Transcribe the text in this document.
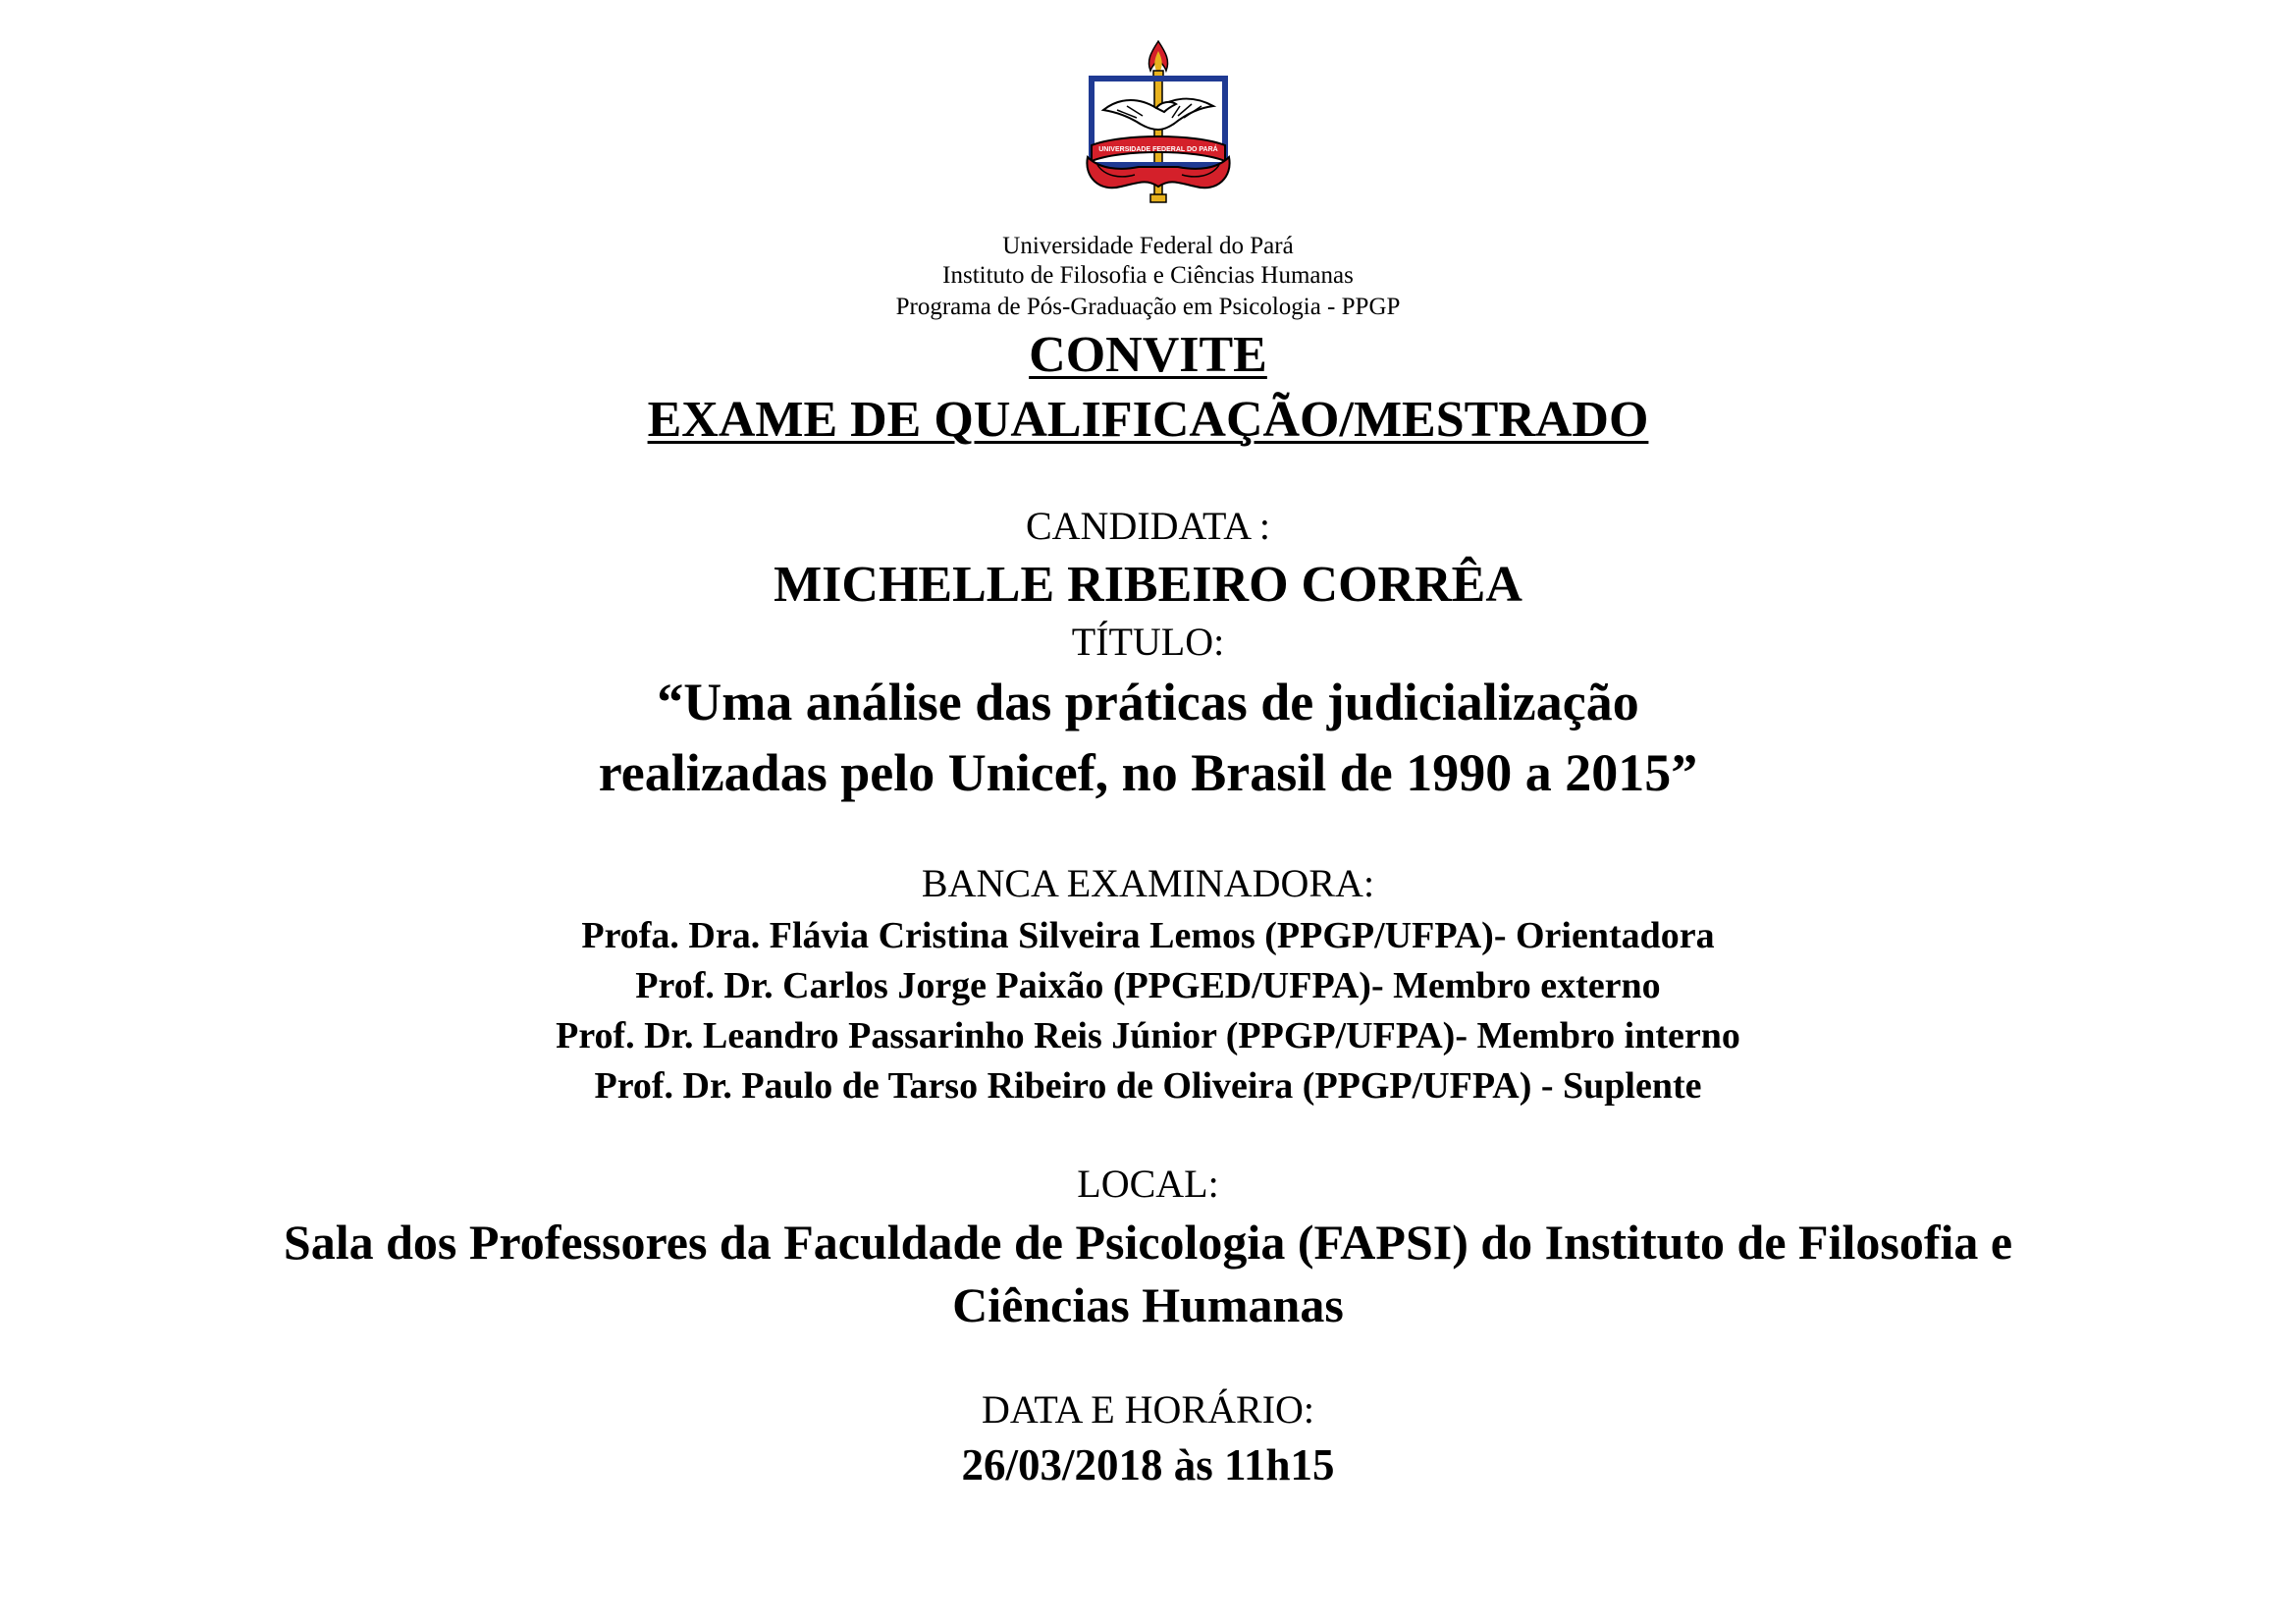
UNIVERSIDADE FEDERAL DO PARÁ
Universidade Federal do Pará
Instituto de Filosofia e Ciências Humanas
Programa de Pós-Graduação em Psicologia - PPGP
CONVITE
EXAME DE QUALIFICAÇÃO/MESTRADO
CANDIDATA :
MICHELLE RIBEIRO CORRÊA
TÍTULO:
“Uma análise das práticas de judicialização
realizadas pelo Unicef, no Brasil de 1990 a 2015”
BANCA EXAMINADORA:
Profa. Dra. Flávia Cristina Silveira Lemos (PPGP/UFPA)- Orientadora
Prof. Dr. Carlos Jorge Paixão (PPGED/UFPA)- Membro externo
Prof. Dr. Leandro Passarinho Reis Júnior (PPGP/UFPA)- Membro interno
Prof. Dr. Paulo de Tarso Ribeiro de Oliveira (PPGP/UFPA) - Suplente
LOCAL:
Sala dos Professores da Faculdade de Psicologia (FAPSI) do Instituto de Filosofia e
Ciências Humanas
DATA E HORÁRIO:
26/03/2018 às 11h15
